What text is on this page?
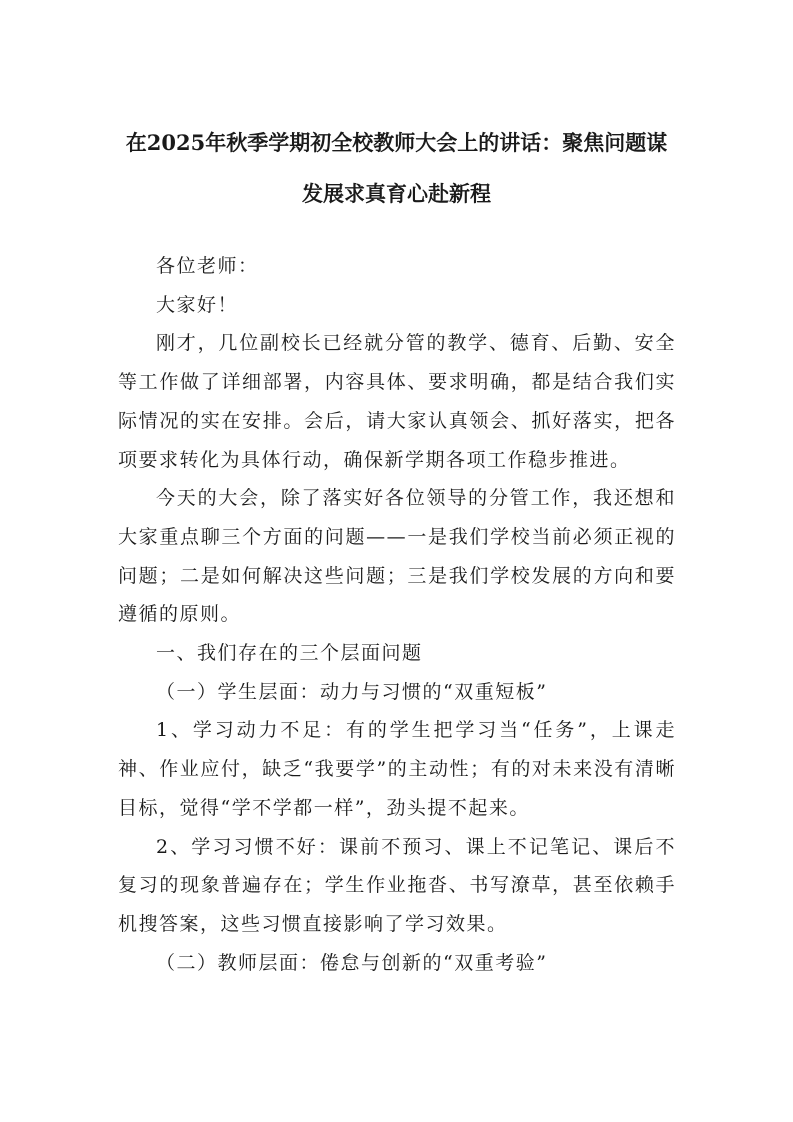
在2025年秋季学期初全校教师大会上的讲话：聚焦问题谋
发展求真育心赴新程

各位老师：

大家好！

刚才，几位副校长已经就分管的教学、德育、后勤、安全等工作做了详细部署，内容具体、要求明确，都是结合我们实际情况的实在安排。会后，请大家认真领会、抓好落实，把各项要求转化为具体行动，确保新学期各项工作稳步推进。

今天的大会，除了落实好各位领导的分管工作，我还想和大家重点聊三个方面的问题——一是我们学校当前必须正视的问题；二是如何解决这些问题；三是我们学校发展的方向和要遵循的原则。

一、我们存在的三个层面问题

（一）学生层面：动力与习惯的“双重短板”

1、学习动力不足：有的学生把学习当“任务”，上课走神、作业应付，缺乏“我要学”的主动性；有的对未来没有清晰目标，觉得“学不学都一样”，劲头提不起来。

2、学习习惯不好：课前不预习、课上不记笔记、课后不复习的现象普遍存在；学生作业拖沓、书写潦草，甚至依赖手机搜答案，这些习惯直接影响了学习效果。

（二）教师层面：倦怠与创新的“双重考验”
